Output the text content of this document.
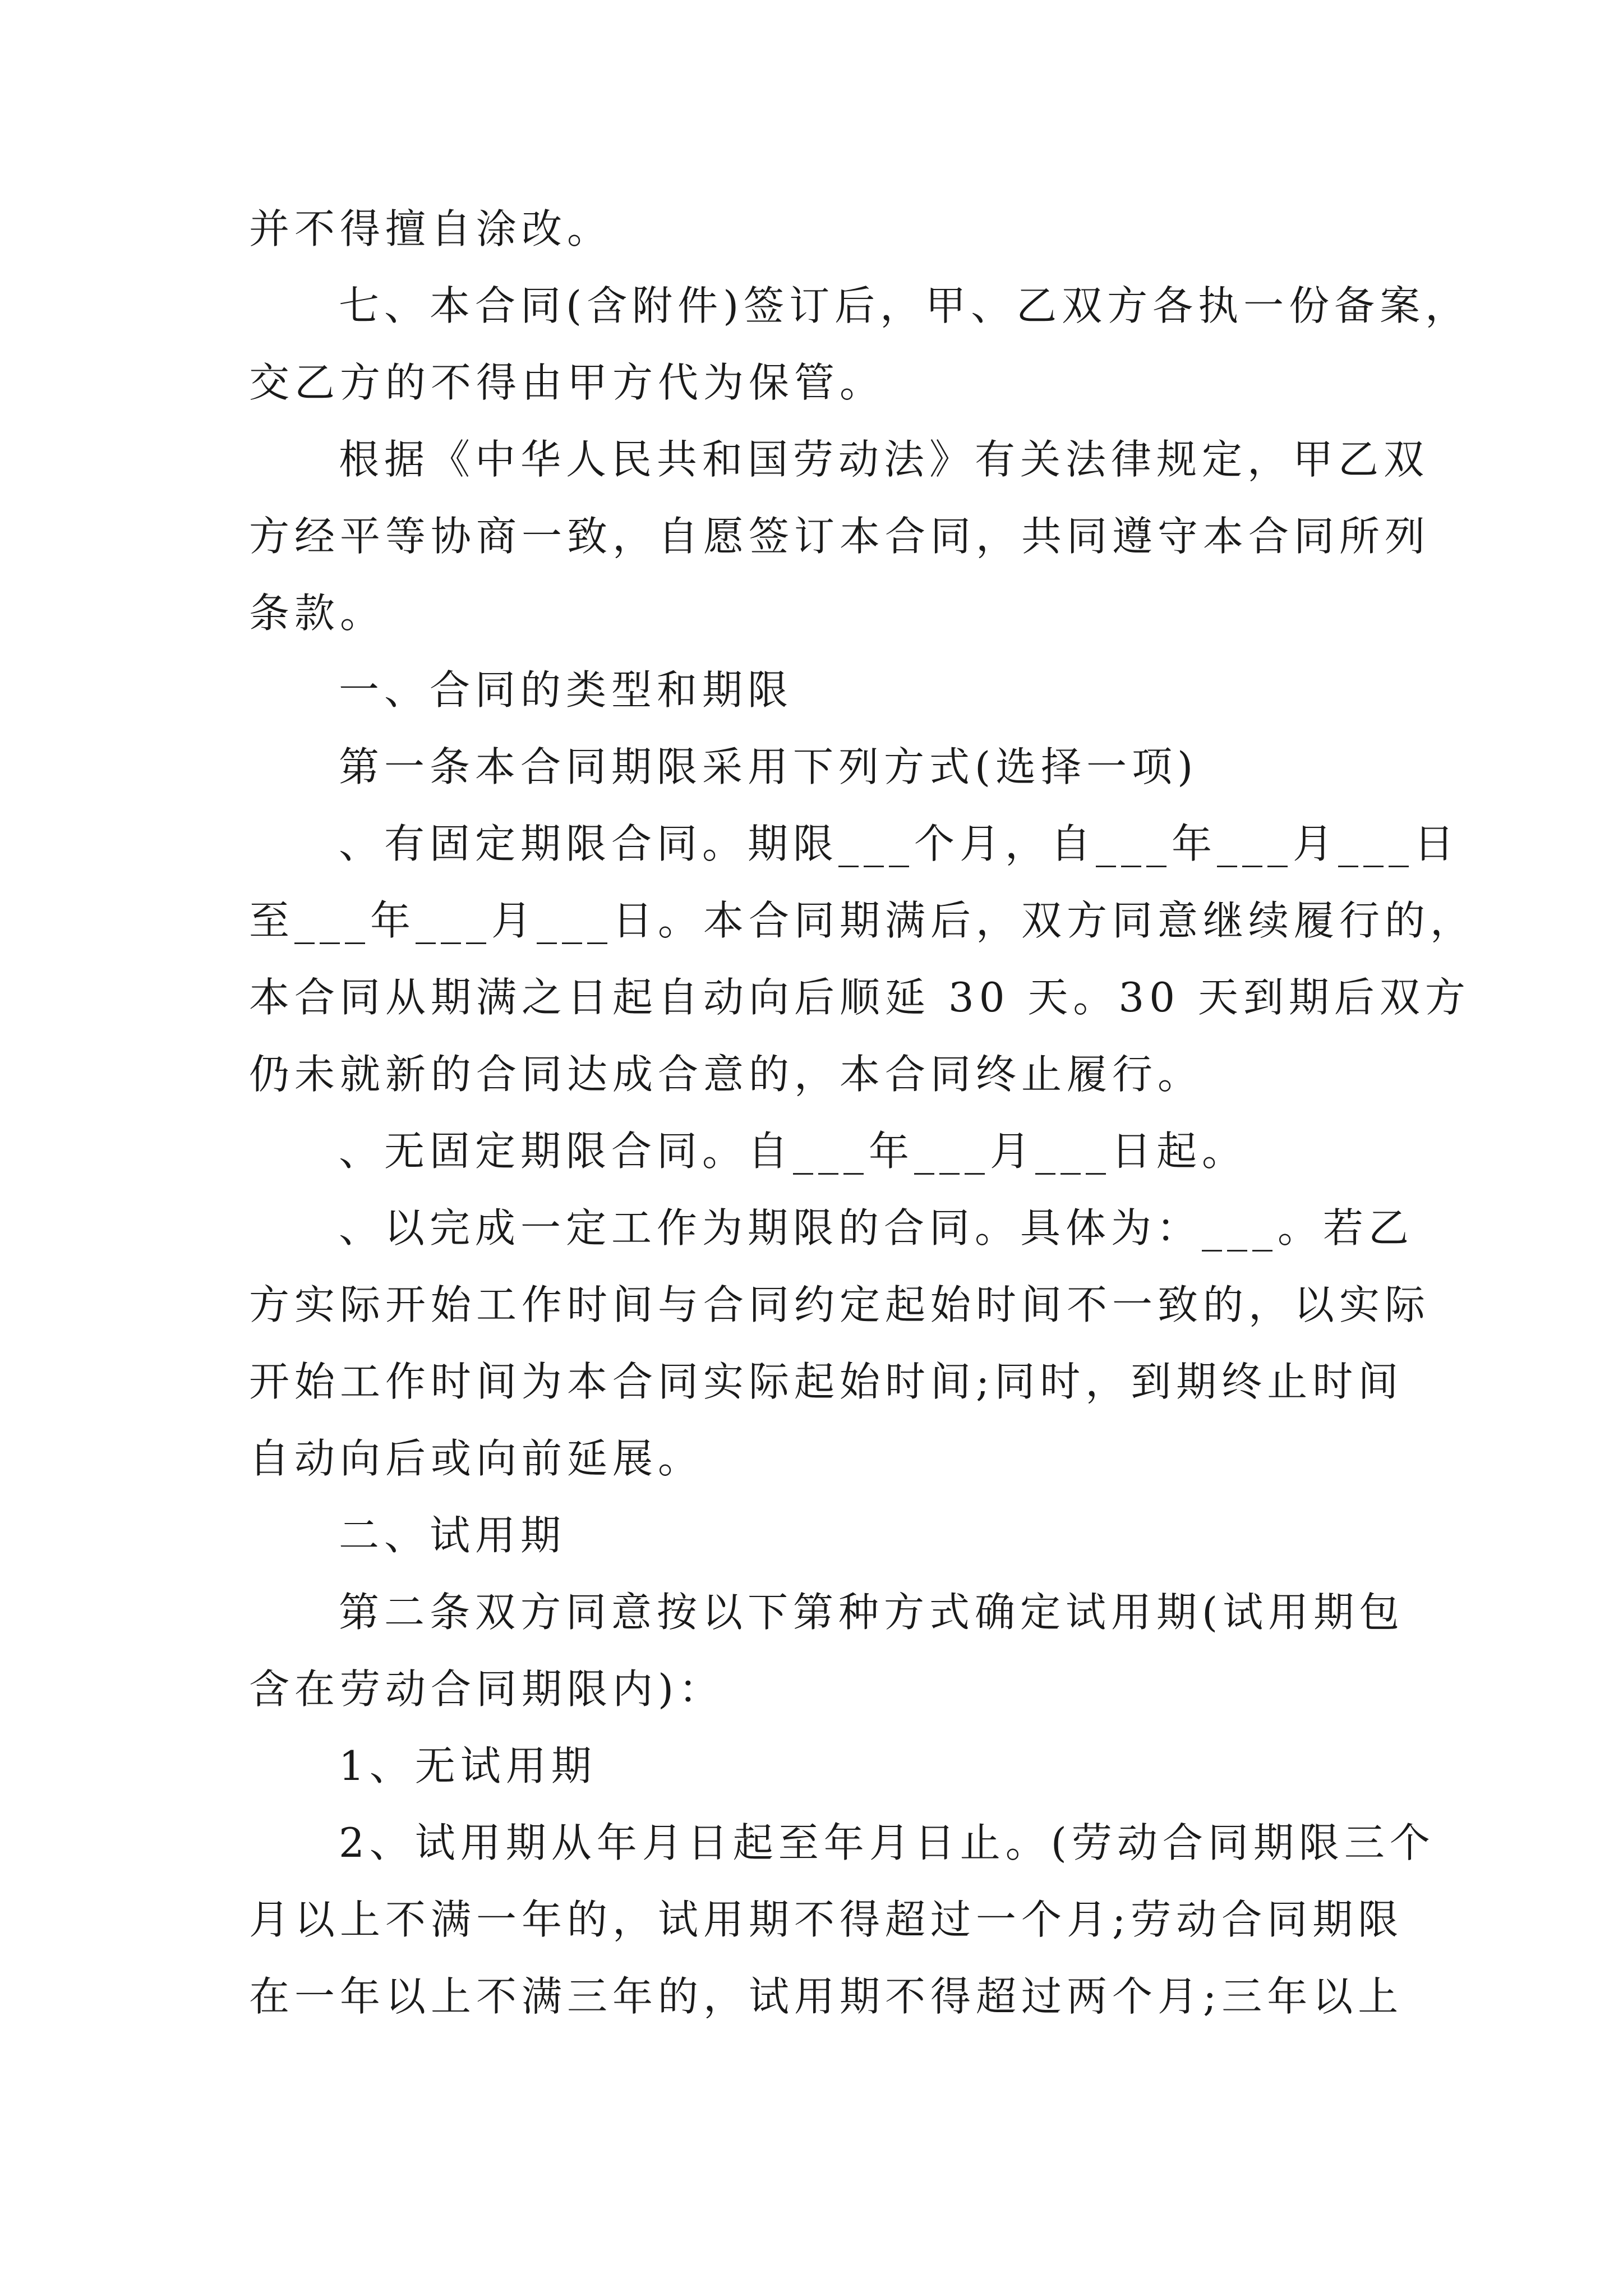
并不得擅自涂改。
七、本合同(含附件)签订后，甲、乙双方各执一份备案，
交乙方的不得由甲方代为保管。
根据《中华人民共和国劳动法》有关法律规定，甲乙双
方经平等协商一致，自愿签订本合同，共同遵守本合同所列
条款。
一、合同的类型和期限
第一条本合同期限采用下列方式(选择一项)
、有固定期限合同。期限___个月，自___年___月___日
至___年___月___日。本合同期满后，双方同意继续履行的，
本合同从期满之日起自动向后顺延 30 天。30 天到期后双方
仍未就新的合同达成合意的，本合同终止履行。
、无固定期限合同。自___年___月___日起。
、以完成一定工作为期限的合同。具体为：___。若乙
方实际开始工作时间与合同约定起始时间不一致的，以实际
开始工作时间为本合同实际起始时间;同时，到期终止时间
自动向后或向前延展。
二、试用期
第二条双方同意按以下第种方式确定试用期(试用期包
含在劳动合同期限内)：
1、无试用期
2、试用期从年月日起至年月日止。(劳动合同期限三个
月以上不满一年的，试用期不得超过一个月;劳动合同期限
在一年以上不满三年的，试用期不得超过两个月;三年以上
